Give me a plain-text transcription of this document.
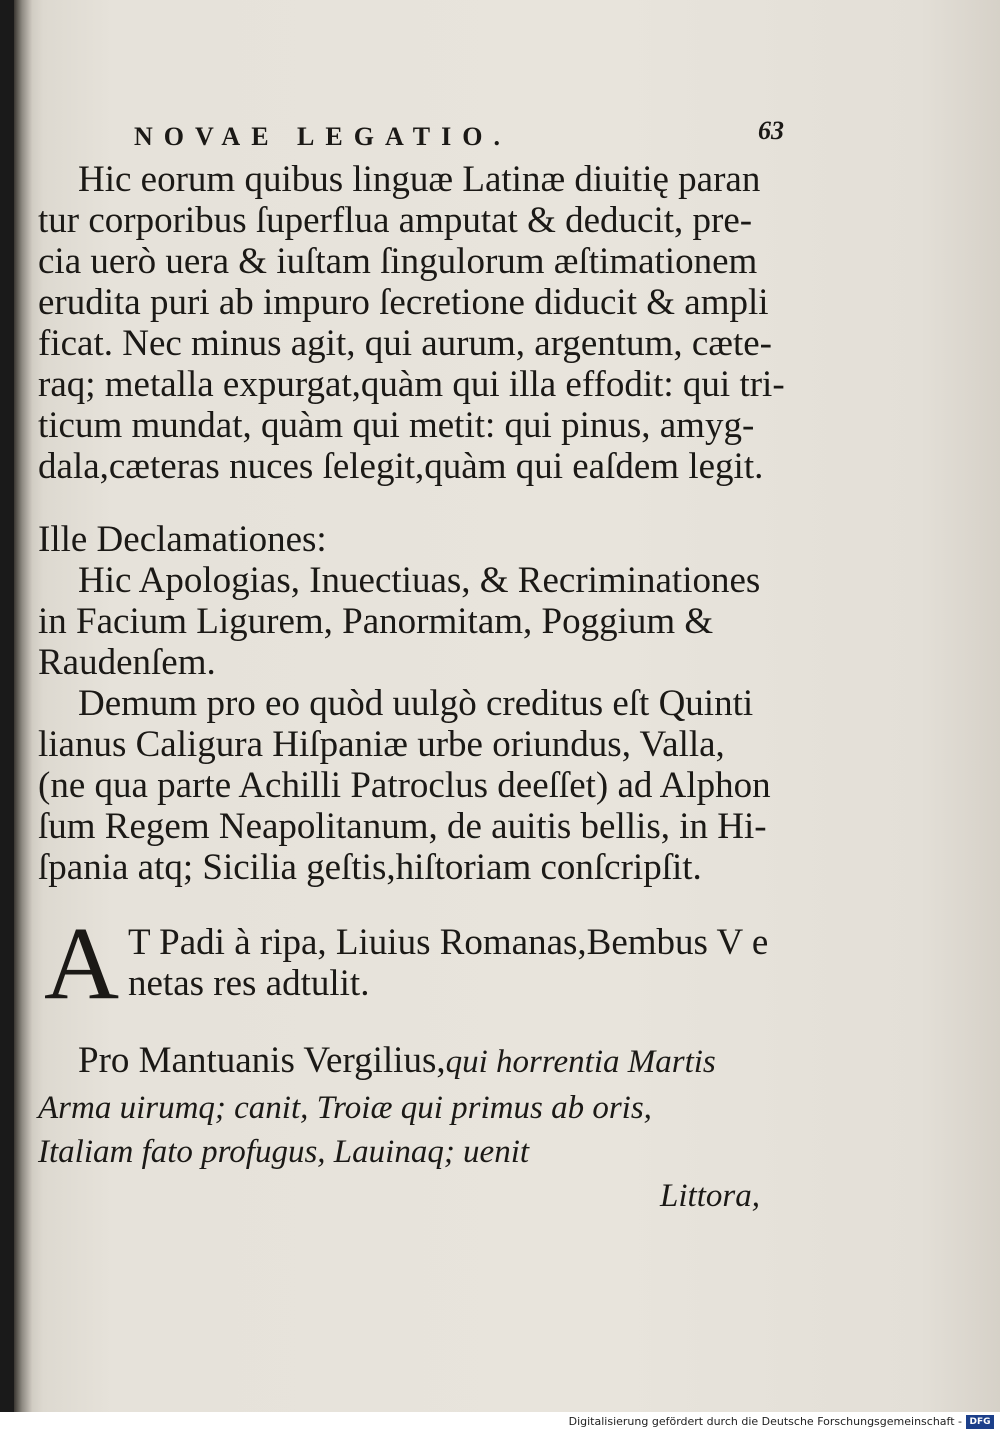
NOVAE LEGATIO.	63
Hic eorum quibus linguæ Latinæ diuitię paran
tur corporibus ſuperflua amputat & deducit, pre-
cia uerò uera & iuſtam ſingulorum æſtimationem
erudita puri ab impuro ſecretione diducit & ampli
ficat. Nec minus agit, qui aurum, argentum, cæte-
raq; metalla expurgat,quàm qui illa effodit: qui tri-
ticum mundat, quàm qui metit: qui pinus, amyg-
dala,cæteras nuces ſelegit,quàm qui eaſdem legit.
Ille Declamationes:
Hic Apologias, Inuectiuas, & Recriminationes
in Facium Ligurem, Panormitam, Poggium &
Raudenſem.
Demum pro eo quòd uulgò creditus eſt Quinti
lianus Caligura Hiſpaniæ urbe oriundus, Valla,
(ne qua parte Achilli Patroclus deeſſet) ad Alphon
ſum Regem Neapolitanum, de auitis bellis, in Hi-
ſpania atq; Sicilia geſtis,hiſtoriam conſcripſit.
A T Padi à ripa, Liuius Romanas,Bembus V e
netas res adtulit.
Pro Mantuanis Vergilius,qui horrentia Martis
Arma uirumq; canit, Troiæ qui primus ab oris,
Italiam fato profugus, Lauinaq; uenit
Littora,
Digitalisierung gefördert durch die Deutsche Forschungsgemeinschaft - DFG
